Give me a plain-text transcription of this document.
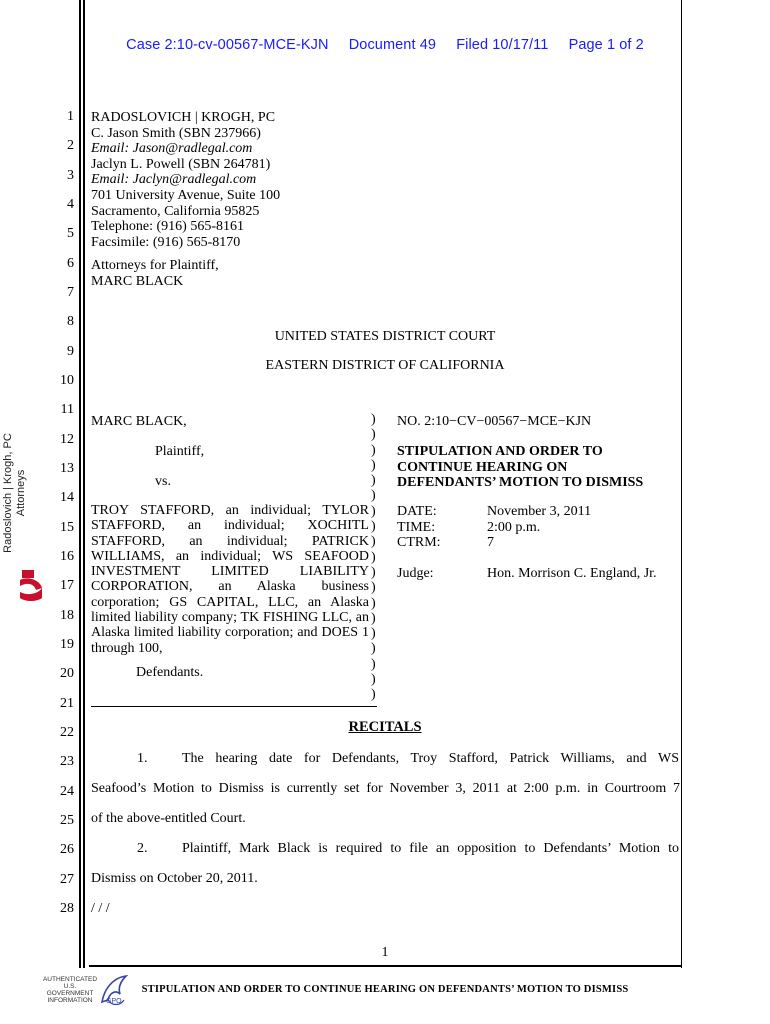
Case 2:10-cv-00567-MCE-KJN Document 49 Filed 10/17/11 Page 1 of 2
1
2
3
4
5
6
7
8
9
10
11
12
13
14
15
16
17
18
19
20
21
22
23
24
25
26
27
28
Radoslovich | Krogh, PC Attorneys
RADOSLOVICH | KROGH, PC
C. Jason Smith (SBN 237966)
Email: Jason@radlegal.com
Jaclyn L. Powell (SBN 264781)
Email: Jaclyn@radlegal.com
701 University Avenue, Suite 100
Sacramento, California 95825
Telephone: (916) 565-8161
Facsimile: (916) 565-8170
Attorneys for Plaintiff,
MARC BLACK
UNITED STATES DISTRICT COURT
EASTERN DISTRICT OF CALIFORNIA
MARC BLACK,
Plaintiff,
vs.
TROY STAFFORD, an individual; TYLOR STAFFORD, an individual; XOCHITL STAFFORD, an individual; PATRICK WILLIAMS, an individual; WS SEAFOOD INVESTMENT LIMITED LIABILITY CORPORATION, an Alaska business corporation; GS CAPITAL, LLC, an Alaska limited liability company; TK FISHING LLC, an Alaska limited liability corporation; and DOES 1 through 100,
Defendants.
)
)
)
)
)
)
)
)
)
)
)
)
)
)
)
)
)
)
)
NO. 2:10−CV−00567−MCE−KJN
STIPULATION AND ORDER TO
CONTINUE HEARING ON
DEFENDANTS’ MOTION TO DISMISS
DATE:
TIME:
CTRM:
November 3, 2011
2:00 p.m.
7
Judge:	Hon. Morrison C. England, Jr.
RECITALS
1. The hearing date for Defendants, Troy Stafford, Patrick Williams, and WS
Seafood’s Motion to Dismiss is currently set for November 3, 2011 at 2:00 p.m. in Courtroom 7
of the above-entitled Court.
2. Plaintiff, Mark Black is required to file an opposition to Defendants’ Motion to
Dismiss on October 20, 2011.
/ / /
1
STIPULATION AND ORDER TO CONTINUE HEARING ON DEFENDANTS’ MOTION TO DISMISS
AUTHENTICATED
U.S. GOVERNMENT
INFORMATION	GPO
